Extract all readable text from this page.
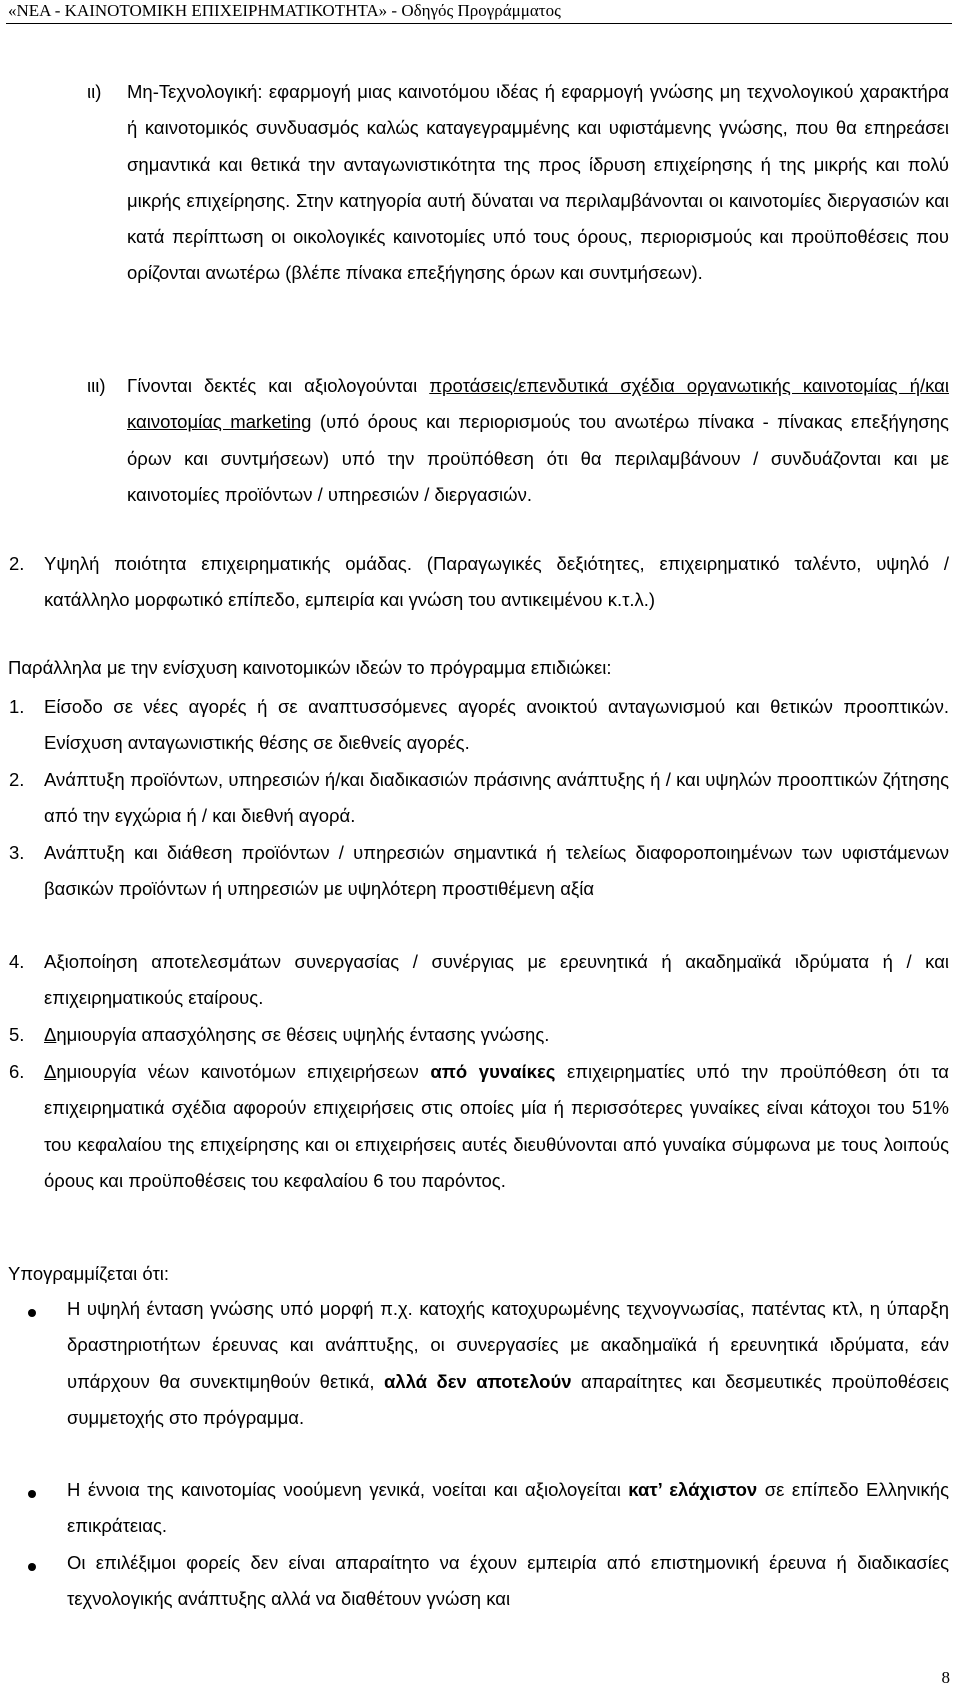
«ΝΕΑ - ΚΑΙΝΟΤΟΜΙΚΗ ΕΠΙΧΕΙΡΗΜΑΤΙΚΟΤΗΤΑ» - Οδηγός Προγράμματος
ιι) Μη-Τεχνολογική: εφαρμογή μιας καινοτόμου ιδέας ή εφαρμογή γνώσης μη τεχνολογικού χαρακτήρα ή καινοτομικός συνδυασμός καλώς καταγεγραμμένης και υφιστάμενης γνώσης, που θα επηρεάσει σημαντικά και θετικά την ανταγωνιστικότητα της προς ίδρυση επιχείρησης ή της μικρής και πολύ μικρής επιχείρησης. Στην κατηγορία αυτή δύναται να περιλαμβάνονται οι καινοτομίες διεργασιών και κατά περίπτωση οι οικολογικές καινοτομίες υπό τους όρους, περιορισμούς και προϋποθέσεις που ορίζονται ανωτέρω (βλέπε πίνακα επεξήγησης όρων και συντμήσεων).
ιιι) Γίνονται δεκτές και αξιολογούνται προτάσεις/επενδυτικά σχέδια οργανωτικής καινοτομίας ή/και καινοτομίας marketing (υπό όρους και περιορισμούς του ανωτέρω πίνακα - πίνακας επεξήγησης όρων και συντμήσεων) υπό την προϋπόθεση ότι θα περιλαμβάνουν / συνδυάζονται και με καινοτομίες προϊόντων / υπηρεσιών / διεργασιών.
2. Υψηλή ποιότητα επιχειρηματικής ομάδας. (Παραγωγικές δεξιότητες, επιχειρηματικό ταλέντο, υψηλό / κατάλληλο μορφωτικό επίπεδο, εμπειρία και γνώση του αντικειμένου κ.τ.λ.)
Παράλληλα με την ενίσχυση καινοτομικών ιδεών το πρόγραμμα επιδιώκει:
1. Είσοδο σε νέες αγορές ή σε αναπτυσσόμενες αγορές ανοικτού ανταγωνισμού και θετικών προοπτικών. Ενίσχυση ανταγωνιστικής θέσης σε διεθνείς αγορές.
2. Ανάπτυξη προϊόντων, υπηρεσιών ή/και διαδικασιών πράσινης ανάπτυξης ή / και υψηλών προοπτικών ζήτησης από την εγχώρια ή / και διεθνή αγορά.
3. Ανάπτυξη και διάθεση προϊόντων / υπηρεσιών σημαντικά ή τελείως διαφοροποιημένων των υφιστάμενων βασικών προϊόντων ή υπηρεσιών με υψηλότερη προστιθέμενη αξία
4. Αξιοποίηση αποτελεσμάτων συνεργασίας / συνέργιας με ερευνητικά ή ακαδημαϊκά ιδρύματα ή / και επιχειρηματικούς εταίρους.
5. Δημιουργία απασχόλησης σε θέσεις υψηλής έντασης γνώσης.
6. Δημιουργία νέων καινοτόμων επιχειρήσεων από γυναίκες επιχειρηματίες υπό την προϋπόθεση ότι τα επιχειρηματικά σχέδια αφορούν επιχειρήσεις στις οποίες μία ή περισσότερες γυναίκες είναι κάτοχοι του 51% του κεφαλαίου της επιχείρησης και οι επιχειρήσεις αυτές διευθύνονται από γυναίκα σύμφωνα με τους λοιπούς όρους και προϋποθέσεις του κεφαλαίου 6 του παρόντος.
Υπογραμμίζεται ότι:
Η υψηλή ένταση γνώσης υπό μορφή π.χ. κατοχής κατοχυρωμένης τεχνογνωσίας, πατέντας κτλ, η ύπαρξη δραστηριοτήτων έρευνας και ανάπτυξης, οι συνεργασίες με ακαδημαϊκά ή ερευνητικά ιδρύματα, εάν υπάρχουν θα συνεκτιμηθούν θετικά, αλλά δεν αποτελούν απαραίτητες και δεσμευτικές προϋποθέσεις συμμετοχής στο πρόγραμμα.
Η έννοια της καινοτομίας νοούμενη γενικά, νοείται και αξιολογείται κατ’ ελάχιστον σε επίπεδο Ελληνικής επικράτειας.
Οι επιλέξιμοι φορείς δεν είναι απαραίτητο να έχουν εμπειρία από επιστημονική έρευνα ή διαδικασίες τεχνολογικής ανάπτυξης αλλά να διαθέτουν γνώση και
8
